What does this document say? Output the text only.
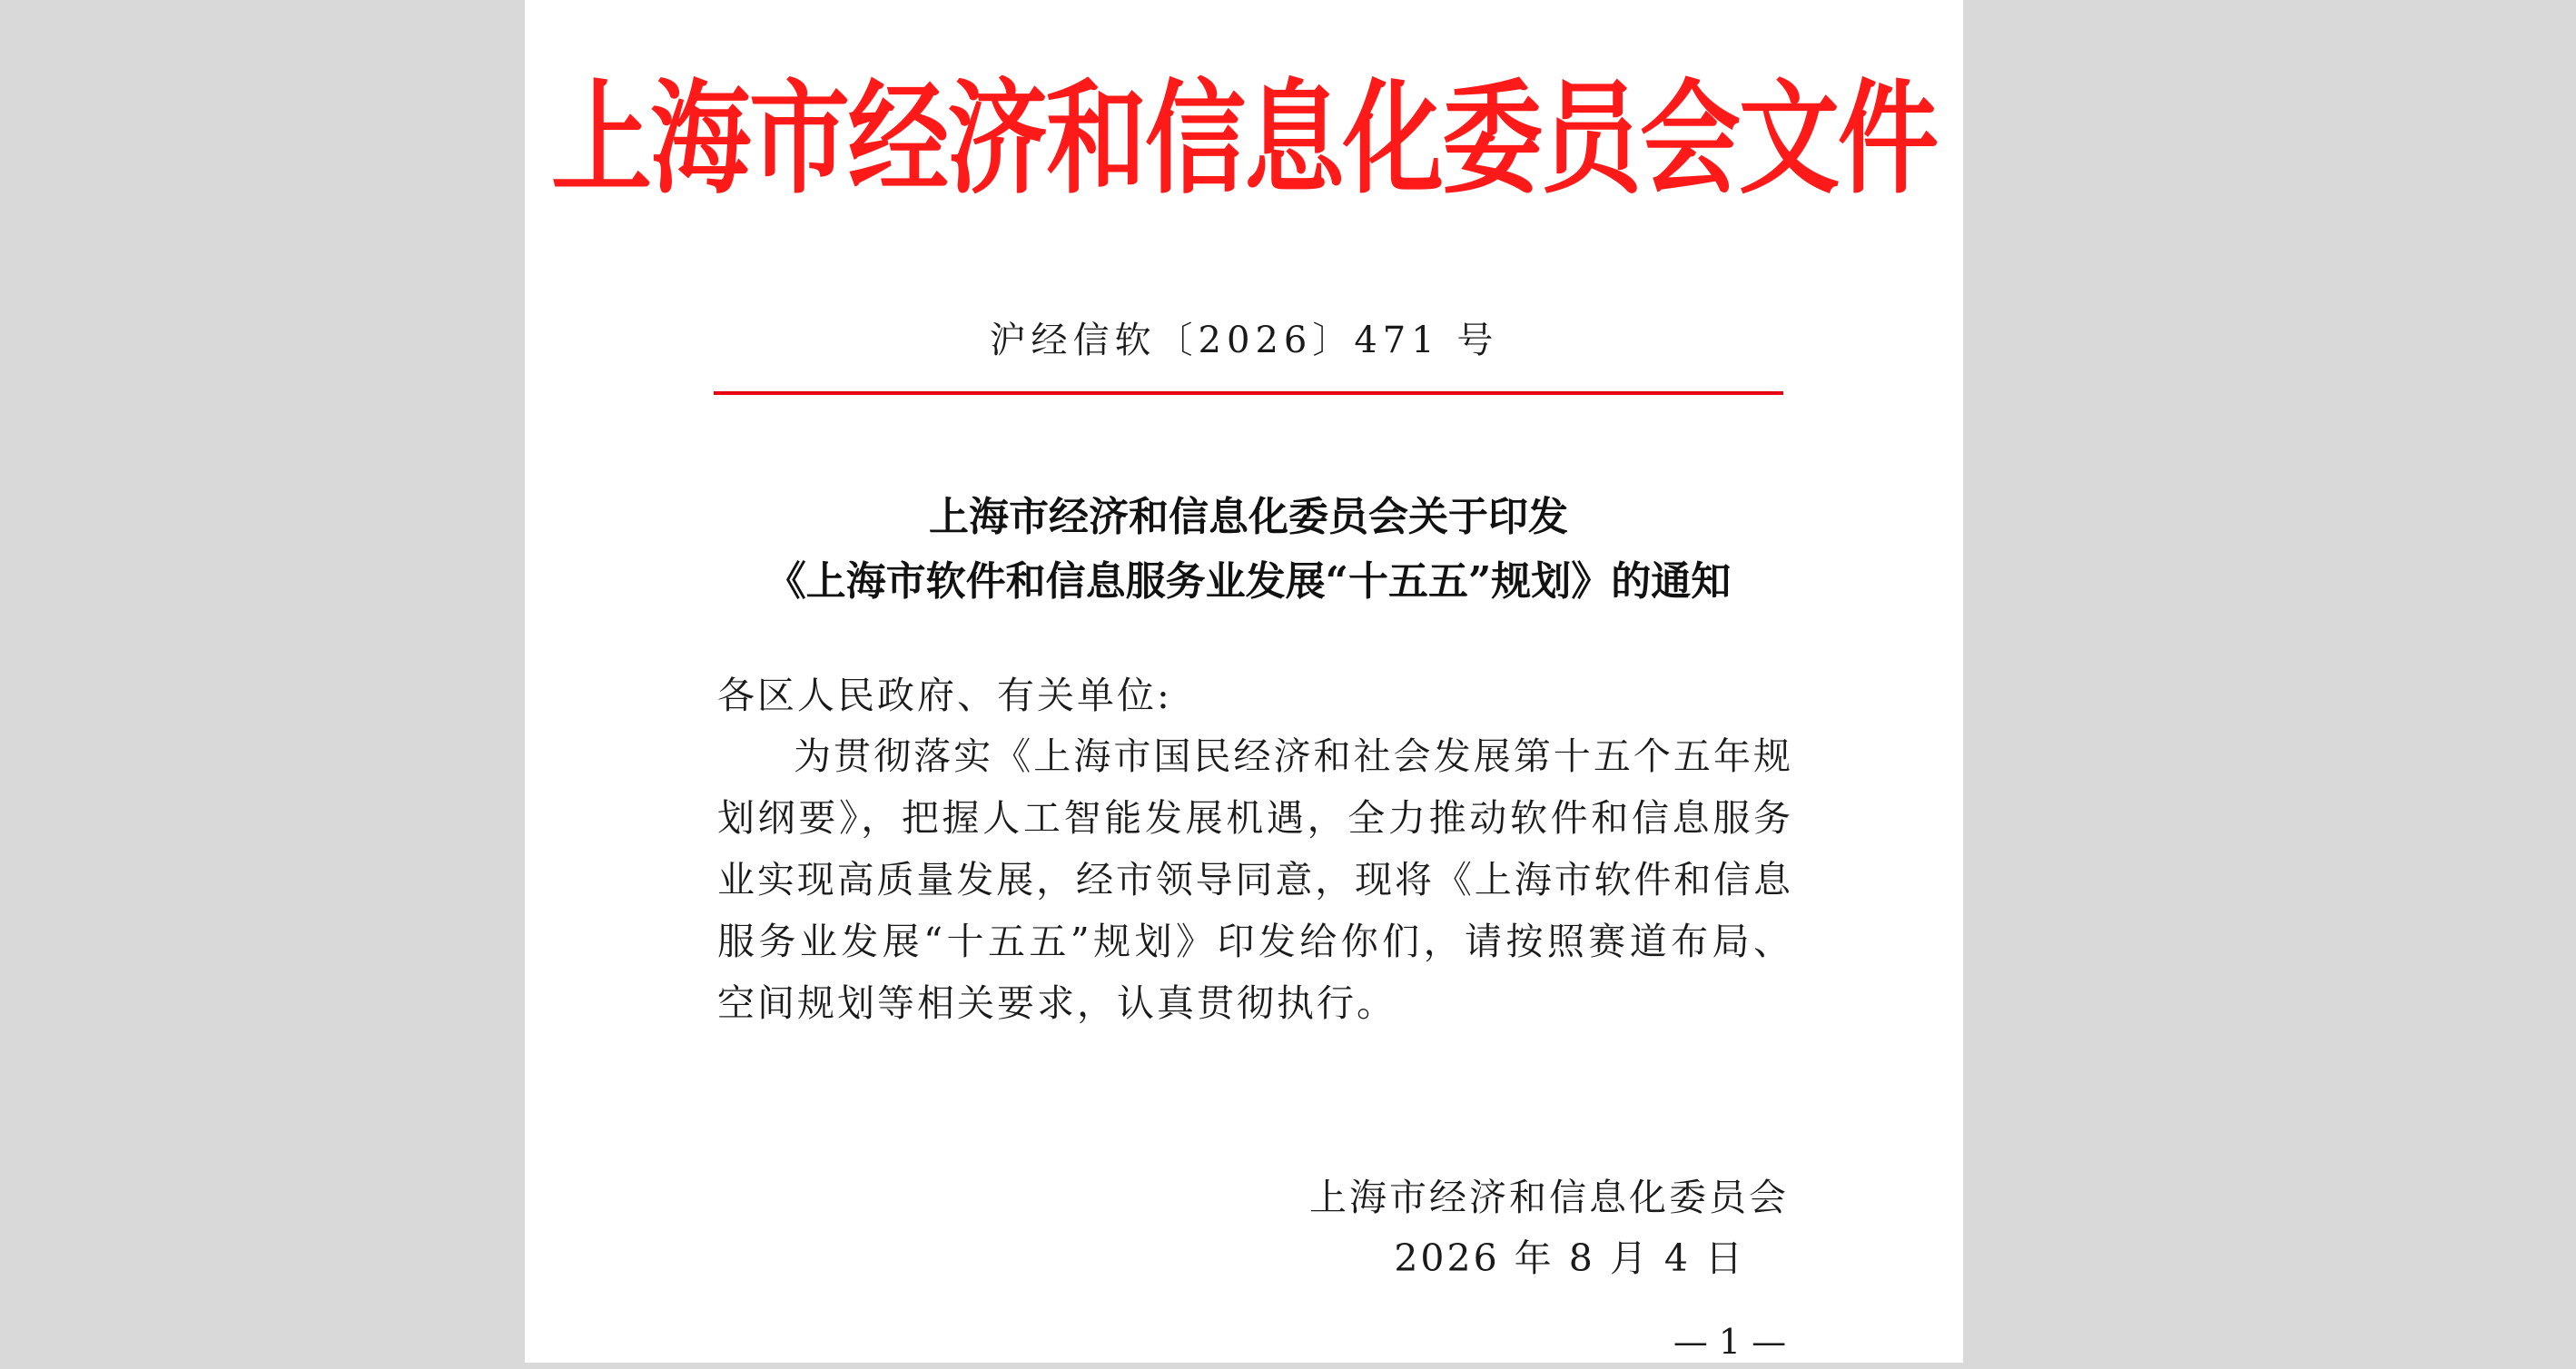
上海市经济和信息化委员会文件
沪经信软〔2026〕471 号
上海市经济和信息化委员会关于印发
《上海市软件和信息服务业发展“十五五”规划》的通知
各区人民政府、有关单位:
为贯彻落实《上海市国民经济和社会发展第十五个五年规
划纲要》，把握人工智能发展机遇，全力推动软件和信息服务
业实现高质量发展，经市领导同意，现将《上海市软件和信息
服务业发展“十五五”规划》印发给你们，请按照赛道布局、
空间规划等相关要求，认真贯彻执行。
上海市经济和信息化委员会
2026 年 8 月 4 日
— 1 —
